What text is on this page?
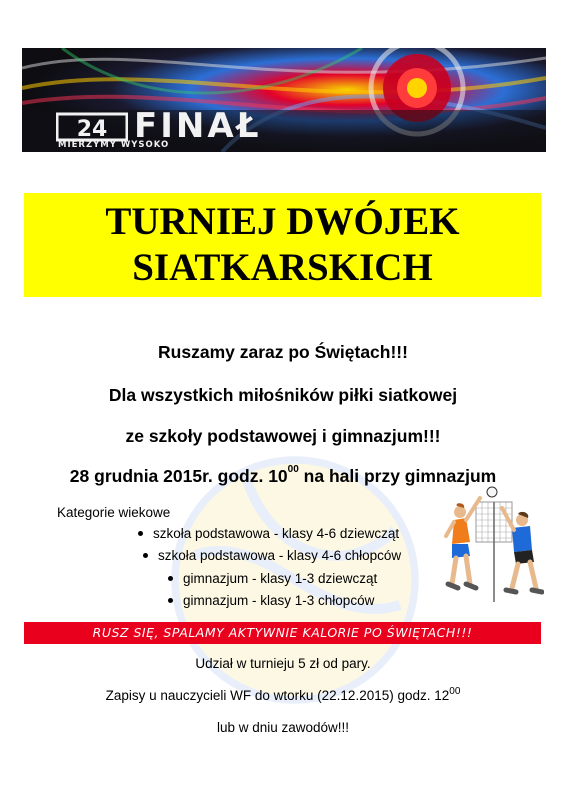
24 FINAŁ
MIERZYMY WYSOKO
TURNIEJ DWÓJEK
SIATKARSKICH
Ruszamy zaraz po Świętach!!!
Dla wszystkich miłośników piłki siatkowej
ze szkoły podstawowej i gimnazjum!!!
28 grudnia 2015r. godz. $10^{00}$ na hali przy gimnazjum
Kategorie wiekowe
szkoła podstawowa - klasy 4-6 dziewcząt
szkoła podstawowa - klasy 4-6 chłopców
gimnazjum - klasy 1-3 dziewcząt
gimnazjum - klasy 1-3 chłopców
RUSZ SIĘ, SPALAMY AKTYWNIE KALORIE PO ŚWIĘTACH!!!
Udział w turnieju 5 zł od pary.
Zapisy u nauczycieli WF do wtorku (22.12.2015) godz. $12^{00}$
lub w dniu zawodów!!!
